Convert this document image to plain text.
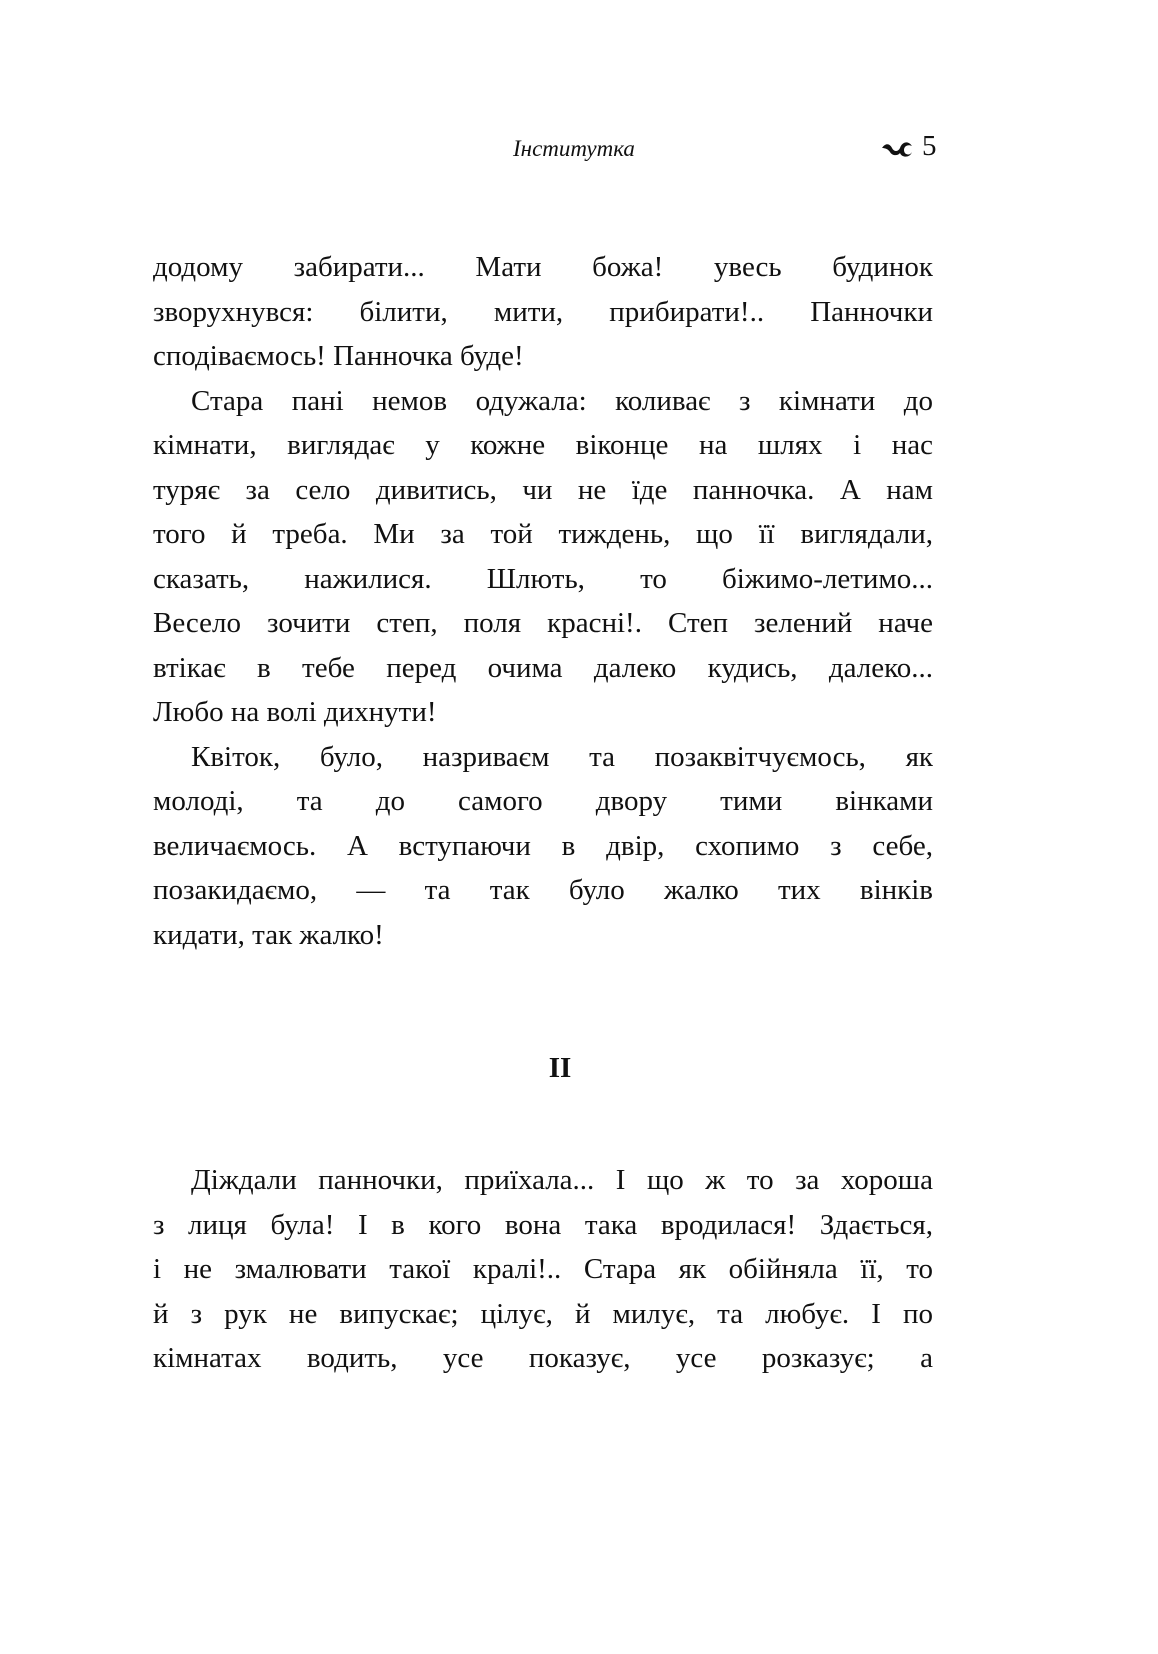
Інститутка	5
додому забирати... Мати божа! увесь будинок
зворухнувся: білити, мити, прибирати!.. Панночки
сподіваємось! Панночка буде!
Стара пані немов одужала: коливає з кімнати до
кімнати, виглядає у кожне віконце на шлях і нас
туряє за село дивитись, чи не їде панночка. А нам
того й треба. Ми за той тиждень, що її виглядали,
сказать, нажилися. Шлють, то біжимо-летимо...
Весело зочити степ, поля красні!. Степ зелений наче
втікає в тебе перед очима далеко кудись, далеко...
Любо на волі дихнути!
Квіток, було, назриваєм та позаквітчуємось, як
молоді, та до самого двору тими вінками
величаємось. А вступаючи в двір, схопимо з себе,
позакидаємо, — та так було жалко тих вінків
кидати, так жалко!
II
Діждали панночки, приїхала... І що ж то за хороша
з лиця була! І в кого вона така вродилася! Здається,
і не змалювати такої кралі!.. Стара як обійняла її, то
й з рук не випускає; цілує, й милує, та любує. І по
кімнатах водить, усе показує, усе розказує; а
